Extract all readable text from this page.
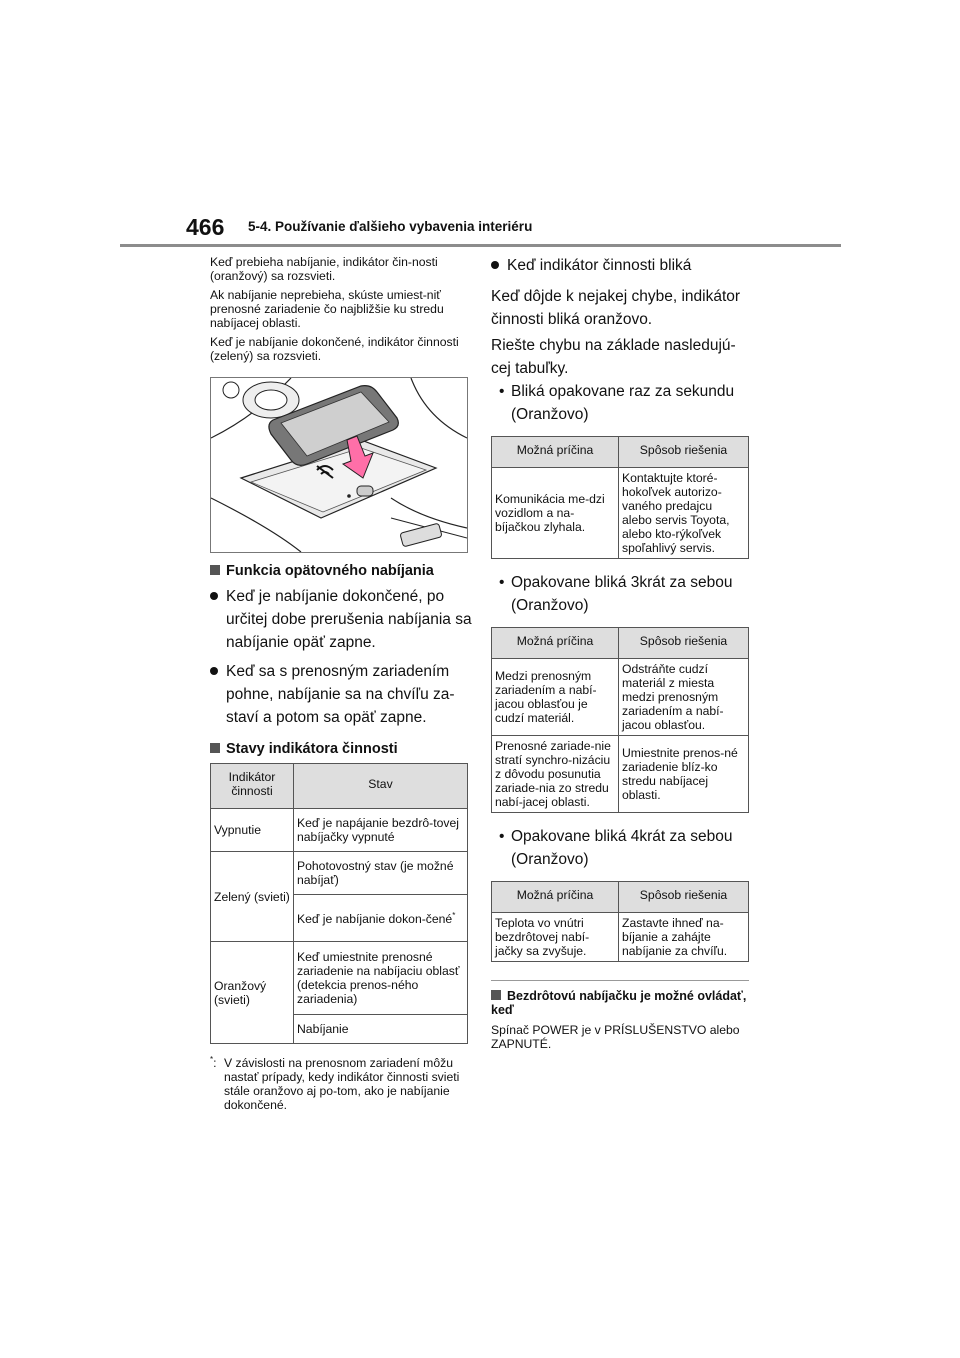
466 5-4. Používanie ďalšieho vybavenia interiéru

Keď prebieha nabíjanie, indikátor čin-nosti (oranžový) sa rozsvieti.

Ak nabíjanie neprebieha, skúste umiest-niť prenosné zariadenie čo najbližšie ku stredu nabíjacej oblasti.

Keď je nabíjanie dokončené, indikátor činnosti (zelený) sa rozsvieti.

Funkcia opätovného nabíjania
Keď je nabíjanie dokončené, po určitej dobe prerušenia nabíjania sa nabíjanie opäť zapne.
Keď sa s prenosným zariadením pohne, nabíjanie sa na chvíľu za-staví a potom sa opäť zapne.
Stavy indikátora činnosti
Indikátor činnosti	Stav
Vypnutie	Keď je napájanie bezdrô-tovej nabíjačky vypnuté
Zelený (svieti)	Pohotovostný stav (je možné nabíjať)
	Keď je nabíjanie dokon-čené*
Oranžový (svieti)	Keď umiestnite prenosné zariadenie na nabíjaciu oblasť (detekcia prenos-ného zariadenia)
	Nabíjanie
*: V závislosti na prenosnom zariadení môžu nastať prípady, kedy indikátor činnosti svieti stále oranžovo aj po-tom, ako je nabíjanie dokončené.
Keď indikátor činnosti bliká

Keď dôjde k nejakej chybe, indikátor činnosti bliká oranžovo.

Riešte chybu na základe nasledujú-cej tabuľky.

• Bliká opakovane raz za sekundu (Oranžovo)
Možná príčina	Spôsob riešenia
Komunikácia me-dzi vozidlom a na-bíjačkou zlyhala.	Kontaktujte ktoré-hokoľvek autorizo-vaného predajcu alebo servis Toyota, alebo kto-rýkoľvek spoľahlivý servis.
• Opakovane bliká 3krát za sebou (Oranžovo)
Možná príčina	Spôsob riešenia
Medzi prenosným zariadením a nabí-jacou oblasťou je cudzí materiál.	Odstráňte cudzí materiál z miesta medzi prenosným zariadením a nabí-jacou oblasťou.
Prenosné zariade-nie stratí synchro-nizáciu z dôvodu posunutia zariade-nia zo stredu nabí-jacej oblasti.	Umiestnite prenos-né zariadenie blíz-ko stredu nabíjacej oblasti.
• Opakovane bliká 4krát za sebou (Oranžovo)
Možná príčina	Spôsob riešenia
Teplota vo vnútri bezdrôtovej nabí-jačky sa zvyšuje.	Zastavte ihneď na-bíjanie a zahájte nabíjanie za chvíľu.
Bezdrôtovú nabíjačku je možné ovládať, keď

Spínač POWER je v PRÍSLUŠENSTVO alebo ZAPNUTÉ.
